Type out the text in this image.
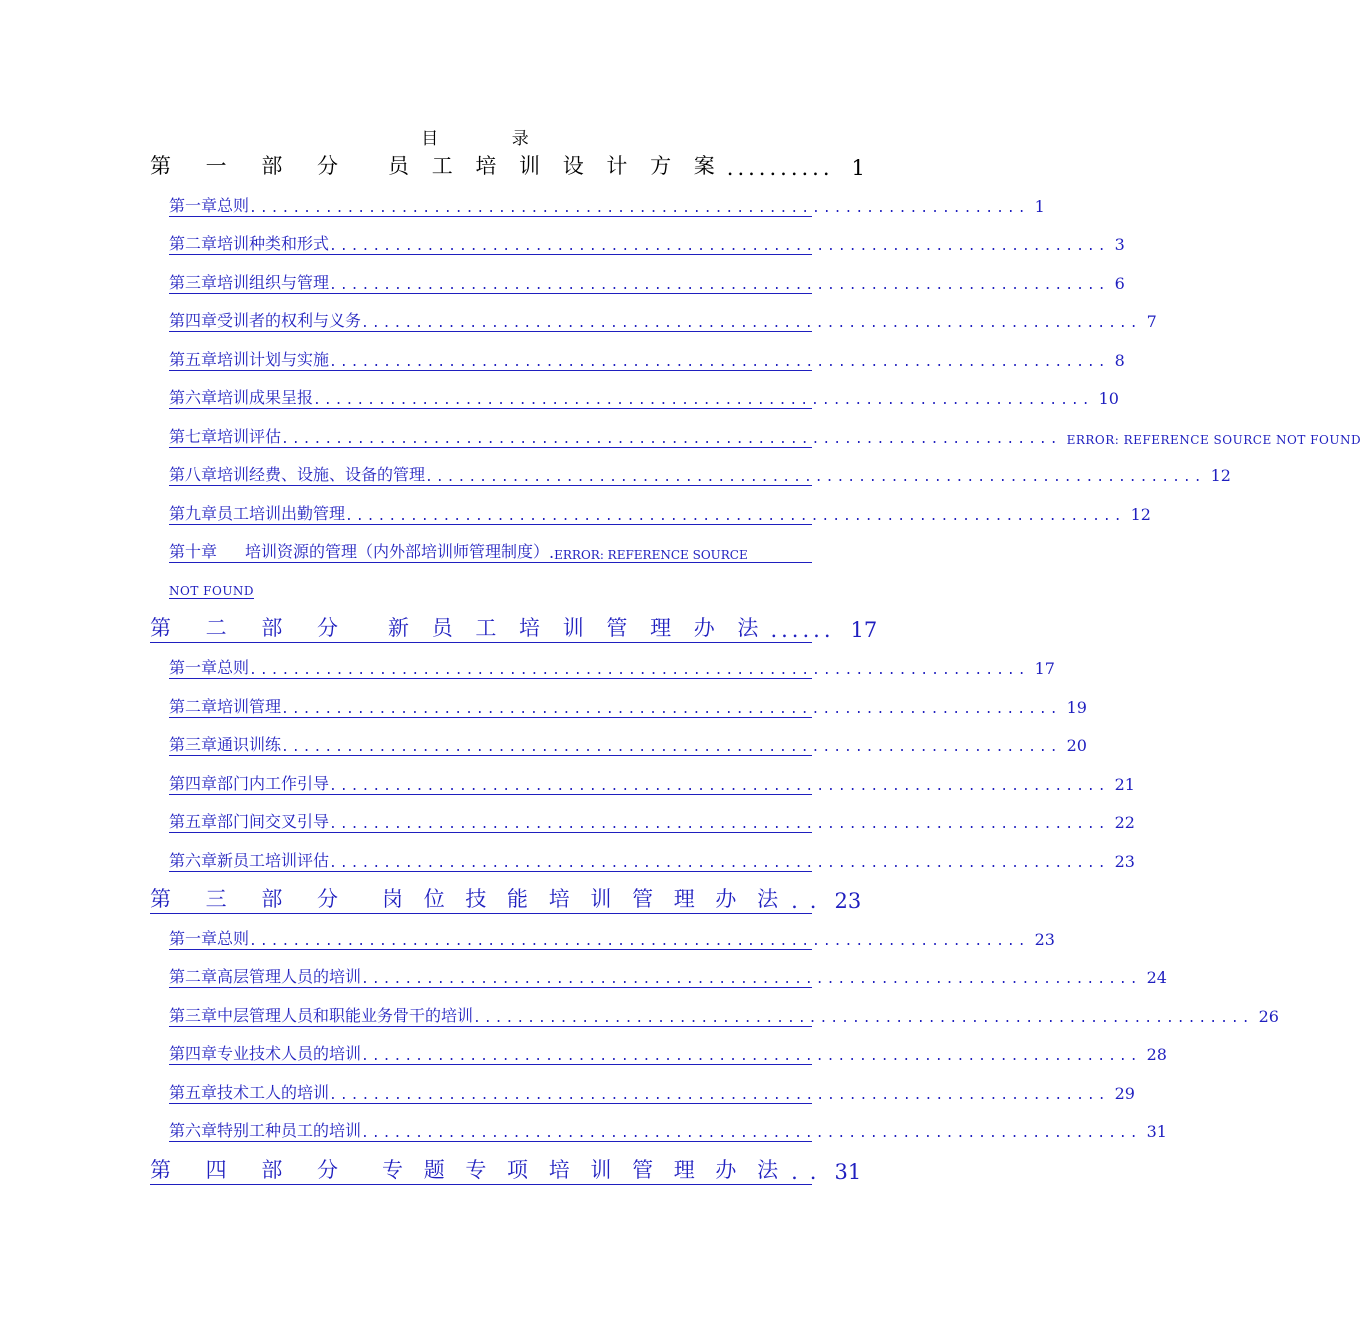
目 录
第 一 部 分	员 工 培 训 设 计 方 案 .......... 1
第一章 总则 ........................................................................ 1
第二章 培训种类和形式 ........................................................................ 3
第三章 培训组织与管理 ........................................................................ 6
第四章 受训者的权利与义务 ........................................................................ 7
第五章 培训计划与实施 ........................................................................ 8
第六章 培训成果呈报 ........................................................................ 10
第七章 培训评估 ........................................................................ ERROR: REFERENCE SOURCE NOT FOUND
第八章 培训经费、设施、设备的管理 ........................................................................ 12
第九章 员工培训出勤管理 ........................................................................ 12
第十章	培训资源的管理（内外部培训师管理制度） . ERROR: REFERENCE SOURCE
NOT FOUND
第 二 部 分	新 员 工 培 训 管 理 办 法 ...... 17
第一章 总则 ........................................................................ 17
第二章 培训管理 ........................................................................ 19
第三章 通识训练 ........................................................................ 20
第四章 部门内工作引导 ........................................................................ 21
第五章 部门间交叉引导 ........................................................................ 22
第六章 新员工培训评估 ........................................................................ 23
第 三 部 分	岗 位 技 能 培 训 管 理 办 法 .. 23
第一章 总则 ........................................................................ 23
第二章 高层管理人员的培训 ........................................................................ 24
第三章 中层管理人员和职能业务骨干的培训 ........................................................................ 26
第四章 专业技术人员的培训 ........................................................................ 28
第五章 技术工人的培训 ........................................................................ 29
第六章 特别工种员工的培训 ........................................................................ 31
第 四 部 分	专 题 专 项 培 训 管 理 办 法 .. 31
